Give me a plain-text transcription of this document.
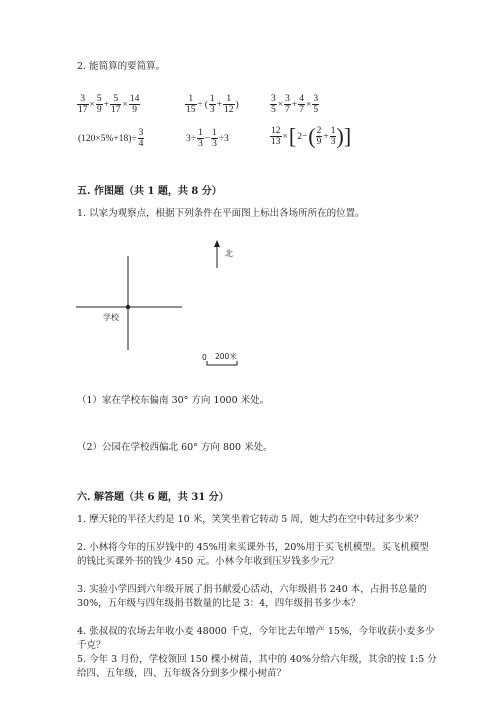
2. 能简算的要简算。
$\frac{3}{17} \times \frac{5}{9} + \frac{5}{17} \times \frac{14}{9}$	$\frac{1}{15}$ ÷ ( $\frac{1}{3} + \frac{1}{12}$ )	$\frac{3}{5} \times \frac{3}{7} + \frac{4}{7} \times \frac{3}{5}$
$(120\times 5\%+18)\div \frac{3}{4}$	$3\div \frac{1}{3} - \frac{1}{3} \div 3$	$\frac{12}{13} \times[2-( \frac{2}{9} + \frac{1}{3}$ )]
五. 作图题（共 1 题，共 8 分）
1. 以家为观察点，根据下列条件在平面图上标出各场所所在的位置。
学校
北
0 200米
（1）家在学校东偏南 30° 方向 1000 米处。
（2）公园在学校西偏北 60° 方向 800 米处。
六. 解答题（共 6 题，共 31 分）
1. 摩天轮的半径大约是 10 米，笑笑坐着它转动 5 周，她大约在空中转过多少米？
2. 小林将今年的压岁钱中的 45%用来买课外书，20%用于买飞机模型。买飞机模型的钱比买课外书的钱少 450 元。小林今年收到压岁钱多少元？
3. 实验小学四到六年级开展了捐书献爱心活动，六年级捐书 240 本，占捐书总量的 30%，五年级与四年级捐书数量的比是 3：4，四年级捐书多少本？
4. 张叔叔的农场去年收小麦 48000 千克，今年比去年增产 15%，今年收获小麦多少千克？
5. 今年 3 月份，学校领回 150 棵小树苗，其中的 40%分给六年级，其余的按 1:5 分给四、五年级，四、五年级各分到多少棵小树苗？
